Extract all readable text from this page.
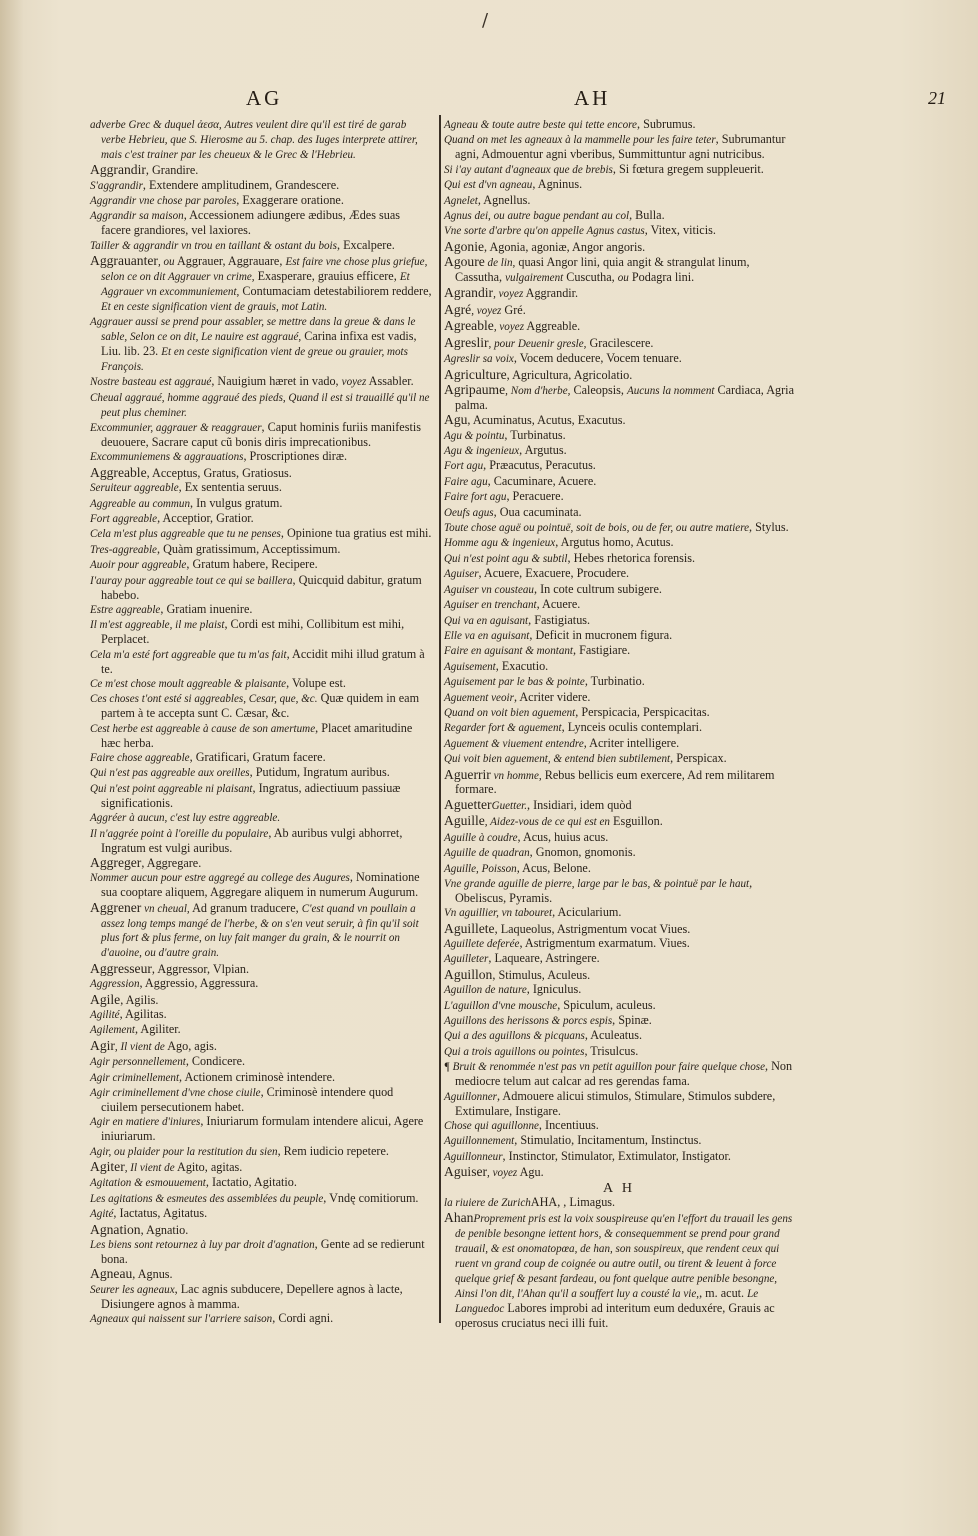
/
AG	AH	21
adverbe Grec & duquel ἀεσα, Autres veulent dire qu'il est tiré de garab verbe Hebrieu, que S. Hierosme au 5. chap. des Iuges interprete attirer, mais c'est trainer par les cheueux & le Grec & l'Hebrieu.
Aggrandir, Grandire.
S'aggrandir, Extendere amplitudinem, Grandescere.
Aggrandir vne chose par paroles, Exaggerare oratione.
Aggrandir sa maison, Accessionem adiungere ædibus, Ædes suas facere grandiores, vel laxiores.
Tailler & aggrandir vn trou en taillant & ostant du bois, Excalpere.
Aggrauanter, ou Aggrauer, Aggrauare, Est faire vne chose plus griefue, selon ce on dit Aggrauer vn crime, Exasperare, grauius efficere, Et Aggrauer vn excommuniement, Contumaciam detestabiliorem reddere, Et en ceste signification vient de grauis, mot Latin.
Aggrauer aussi se prend pour assabler, se mettre dans la greue & dans le sable, Selon ce on dit, Le nauire est aggraué, Carina infixa est vadis, Liu. lib. 23. Et en ceste signification vient de greue ou grauier, mots François.
Nostre basteau est aggraué, Nauigium hæret in vado, voyez Assabler.
Cheual aggraué, homme aggraué des pieds, Quand il est si trauaillé qu'il ne peut plus cheminer.
Excommunier, aggrauer & reaggrauer, Caput hominis furiis manifestis deuouere, Sacrare caput cũ bonis diris imprecationibus.
Excommuniemens & aggrauations, Proscriptiones diræ.
Aggreable, Acceptus, Gratus, Gratiosus.
Seruiteur aggreable, Ex sententia seruus.
Aggreable au commun, In vulgus gratum.
Fort aggreable, Acceptior, Gratior.
Cela m'est plus aggreable que tu ne penses, Opinione tua gratius est mihi.
Tres-aggreable, Quàm gratissimum, Acceptissimum.
Auoir pour aggreable, Gratum habere, Recipere.
I'auray pour aggreable tout ce qui se baillera, Quicquid dabitur, gratum habebo.
Estre aggreable, Gratiam inuenire.
Il m'est aggreable, il me plaist, Cordi est mihi, Collibitum est mihi, Perplacet.
Cela m'a esté fort aggreable que tu m'as fait, Accidit mihi illud gratum à te.
Ce m'est chose moult aggreable & plaisante, Volupe est.
Ces choses t'ont esté si aggreables, Cesar, que, &c. Quæ quidem in eam partem à te accepta sunt C. Cæsar, &c.
Cest herbe est aggreable à cause de son amertume, Placet amaritudine hæc herba.
Faire chose aggreable, Gratificari, Gratum facere.
Qui n'est pas aggreable aux oreilles, Putidum, Ingratum auribus.
Qui n'est point aggreable ni plaisant, Ingratus, adiectiuum passiuæ significationis.
Aggréer à aucun, c'est luy estre aggreable.
Il n'aggrée point à l'oreille du populaire, Ab auribus vulgi abhorret, Ingratum est vulgi auribus.
Aggreger, Aggregare.
Nommer aucun pour estre aggregé au college des Augures, Nominatione sua cooptare aliquem, Aggregare aliquem in numerum Augurum.
Aggrener vn cheual, Ad granum traducere, C'est quand vn poullain a assez long temps mangé de l'herbe, & on s'en veut seruir, à fin qu'il soit plus fort & plus ferme, on luy fait manger du grain, & le nourrit on d'auoine, ou d'autre grain.
Aggresseur, Aggressor, Vlpian.
Aggression, Aggressio, Aggressura.
Agile, Agilis.
Agilité, Agilitas.
Agilement, Agiliter.
Agir, Il vient de Ago, agis.
Agir personnellement, Condicere.
Agir criminellement, Actionem criminosè intendere.
Agir criminellement d'vne chose ciuile, Criminosè intendere quod ciuilem persecutionem habet.
Agir en matiere d'iniures, Iniuriarum formulam intendere alicui, Agere iniuriarum.
Agir, ou plaider pour la restitution du sien, Rem iudicio repetere.
Agiter, Il vient de Agito, agitas.
Agitation & esmouuement, Iactatio, Agitatio.
Les agitations & esmeutes des assemblées du peuple, Vndę comitiorum.
Agité, Iactatus, Agitatus.
Agnation, Agnatio.
Les biens sont retournez à luy par droit d'agnation, Gente ad se redierunt bona.
Agneau, Agnus.
Seurer les agneaux, Lac agnis subducere, Depellere agnos à lacte, Disiungere agnos à mamma.
Agneaux qui naissent sur l'arriere saison, Cordi agni.
Agneau & toute autre beste qui tette encore, Subrumus.
Quand on met les agneaux à la mammelle pour les faire teter, Subrumantur agni, Admouentur agni vberibus, Summittuntur agni nutricibus.
Si i'ay autant d'agneaux que de brebis, Si fœtura gregem suppleuerit.
Qui est d'vn agneau, Agninus.
Agnelet, Agnellus.
Agnus dei, ou autre bague pendant au col, Bulla.
Vne sorte d'arbre qu'on appelle Agnus castus, Vitex, viticis.
Agonie, Agonia, agoniæ, Angor angoris.
Agoure de lin, quasi Angor lini, quia angit & strangulat linum, Cassutha, vulgairement Cuscutha, ou Podagra lini.
Agrandir, voyez Aggrandir.
Agré, voyez Gré.
Agreable, voyez Aggreable.
Agreslir, pour Deuenir gresle, Gracilescere.
Agreslir sa voix, Vocem deducere, Vocem tenuare.
Agriculture, Agricultura, Agricolatio.
Agripaume, Nom d'herbe, Caleopsis, Aucuns la nomment Cardiaca, Agria palma.
Agu, Acuminatus, Acutus, Exacutus.
Agu & pointu, Turbinatus.
Agu & ingenieux, Argutus.
Fort agu, Præacutus, Peracutus.
Faire agu, Cacuminare, Acuere.
Faire fort agu, Peracuere.
Oeufs agus, Oua cacuminata.
Toute chose aguë ou pointuë, soit de bois, ou de fer, ou autre matiere, Stylus.
Homme agu & ingenieux, Argutus homo, Acutus.
Qui n'est point agu & subtil, Hebes rhetorica forensis.
Aguiser, Acuere, Exacuere, Procudere.
Aguiser vn cousteau, In cote cultrum subigere.
Aguiser en trenchant, Acuere.
Qui va en aguisant, Fastigiatus.
Elle va en aguisant, Deficit in mucronem figura.
Faire en aguisant & montant, Fastigiare.
Aguisement, Exacutio.
Aguisement par le bas & pointe, Turbinatio.
Aguement veoir, Acriter videre.
Quand on voit bien aguement, Perspicacia, Perspicacitas.
Regarder fort & aguement, Lynceis oculis contemplari.
Aguement & viuement entendre, Acriter intelligere.
Qui voit bien aguement, & entend bien subtilement, Perspicax.
Aguerrir vn homme, Rebus bellicis eum exercere, Ad rem militarem formare.
AguetterGuetter., Insidiari, idem quòd
Aguille, Aidez-vous de ce qui est en Esguillon.
Aguille à coudre, Acus, huius acus.
Aguille de quadran, Gnomon, gnomonis.
Aguille, Poisson, Acus, Belone.
Vne grande aguille de pierre, large par le bas, & pointuë par le haut, Obeliscus, Pyramis.
Vn aguillier, vn tabouret, Acicularium.
Aguillete, Laqueolus, Astrigmentum vocat Viues.
Aguillete deferée, Astrigmentum exarmatum. Viues.
Aguilleter, Laqueare, Astringere.
Aguillon, Stimulus, Aculeus.
Aguillon de nature, Igniculus.
L'aguillon d'vne mousche, Spiculum, aculeus.
Aguillons des herissons & porcs espis, Spinæ.
Qui a des aguillons & picquans, Aculeatus.
Qui a trois aguillons ou pointes, Trisulcus.
¶ Bruit & renommée n'est pas vn petit aguillon pour faire quelque chose, Non mediocre telum aut calcar ad res gerendas fama.
Aguillonner, Admouere alicui stimulos, Stimulare, Stimulos subdere, Extimulare, Instigare.
Chose qui aguillonne, Incentiuus.
Aguillonnement, Stimulatio, Incitamentum, Instinctus.
Aguillonneur, Instinctor, Stimulator, Extimulator, Instigator.
Aguiser, voyez Agu.
A H
la riuiere de ZurichAHA, , Limagus.
AhanProprement pris est la voix souspireuse qu'en l'effort du trauail les gens de penible besongne iettent hors, & consequemment se prend pour grand trauail, & est onomatopœa, de han, son souspireux, que rendent ceux qui ruent vn grand coup de coignée ou autre outil, ou tirent & leuent à force quelque grief & pesant fardeau, ou font quelque autre penible besongne, Ainsi l'on dit, l'Ahan qu'il a souffert luy a cousté la vie,, m. acut. Le Languedoc Labores improbi ad interitum eum deduxére, Grauis ac operosus cruciatus neci illi fuit.
